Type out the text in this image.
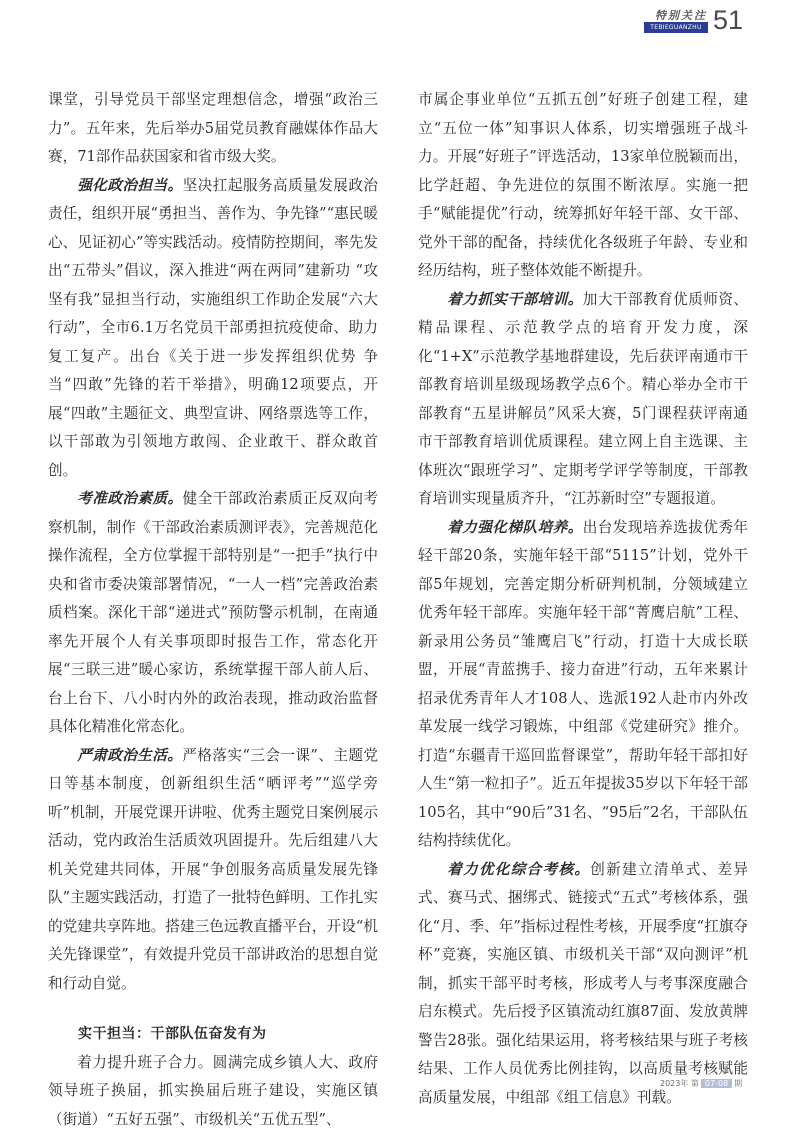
特别关注
TEBIEGUANZHU 51

课堂，引导党员干部坚定理想信念，增强“政治三力”。五年来，先后举办5届党员教育融媒体作品大赛，71部作品获国家和省市级大奖。

强化政治担当。坚决扛起服务高质量发展政治责任，组织开展“勇担当、善作为、争先锋”“惠民暖心、见证初心”等实践活动。疫情防控期间，率先发出“五带头”倡议，深入推进“两在两同”建新功 “攻坚有我”显担当行动，实施组织工作助企发展“六大行动”，全市6.1万名党员干部勇担抗疫使命、助力复工复产。出台《关于进一步发挥组织优势 争当“四敢”先锋的若干举措》，明确12项要点，开展“四敢”主题征文、典型宣讲、网络票选等工作，以干部敢为引领地方敢闯、企业敢干、群众敢首创。

考准政治素质。健全干部政治素质正反双向考察机制，制作《干部政治素质测评表》，完善规范化操作流程，全方位掌握干部特别是“一把手”执行中央和省市委决策部署情况，“一人一档”完善政治素质档案。深化干部“递进式”预防警示机制，在南通率先开展个人有关事项即时报告工作，常态化开展“三联三进”暖心家访，系统掌握干部人前人后、台上台下、八小时内外的政治表现，推动政治监督具体化精准化常态化。

严肃政治生活。严格落实“三会一课”、主题党日等基本制度，创新组织生活“晒评考”“巡学旁听”机制，开展党课开讲啦、优秀主题党日案例展示活动，党内政治生活质效巩固提升。先后组建八大机关党建共同体，开展“争创服务高质量发展先锋队”主题实践活动，打造了一批特色鲜明、工作扎实的党建共享阵地。搭建三色远教直播平台，开设“机关先锋课堂”，有效提升党员干部讲政治的思想自觉和行动自觉。

实干担当：干部队伍奋发有为

着力提升班子合力。圆满完成乡镇人大、政府领导班子换届，抓实换届后班子建设，实施区镇（街道）“五好五强”、市级机关“五优五型”、

市属企事业单位“五抓五创”好班子创建工程，建立“五位一体”知事识人体系，切实增强班子战斗力。开展“好班子”评选活动，13家单位脱颖而出，比学赶超、争先进位的氛围不断浓厚。实施一把手“赋能提优”行动，统筹抓好年轻干部、女干部、党外干部的配备，持续优化各级班子年龄、专业和经历结构，班子整体效能不断提升。

着力抓实干部培训。加大干部教育优质师资、精品课程、示范教学点的培育开发力度，深化“1+X”示范教学基地群建设，先后获评南通市干部教育培训星级现场教学点6个。精心举办全市干部教育“五星讲解员”风采大赛，5门课程获评南通市干部教育培训优质课程。建立网上自主选课、主体班次“跟班学习”、定期考学评学等制度，干部教育培训实现量质齐升，“江苏新时空”专题报道。

着力强化梯队培养。出台发现培养选拔优秀年轻干部20条，实施年轻干部“5115”计划，党外干部5年规划，完善定期分析研判机制，分领域建立优秀年轻干部库。实施年轻干部“菁鹰启航”工程、新录用公务员“雏鹰启飞”行动，打造十大成长联盟，开展“青蓝携手、接力奋进”行动，五年来累计招录优秀青年人才108人、选派192人赴市内外改革发展一线学习锻炼，中组部《党建研究》推介。打造“东疆青干巡回监督课堂”，帮助年轻干部扣好人生“第一粒扣子”。近五年提拔35岁以下年轻干部105名，其中“90后”31名、“95后”2名，干部队伍结构持续优化。

着力优化综合考核。创新建立清单式、差异式、赛马式、捆绑式、链接式“五式”考核体系，强化“月、季、年”指标过程性考核，开展季度“扛旗夺杯”竞赛，实施区镇、市级机关干部“双向测评”机制，抓实干部平时考核，形成考人与考事深度融合启东模式。先后授予区镇流动红旗87面、发放黄牌警告28张。强化结果运用，将考核结果与班子考核结果、工作人员优秀比例挂钩，以高质量考核赋能高质量发展，中组部《组工信息》刊载。

2023年 第 07-08 期
